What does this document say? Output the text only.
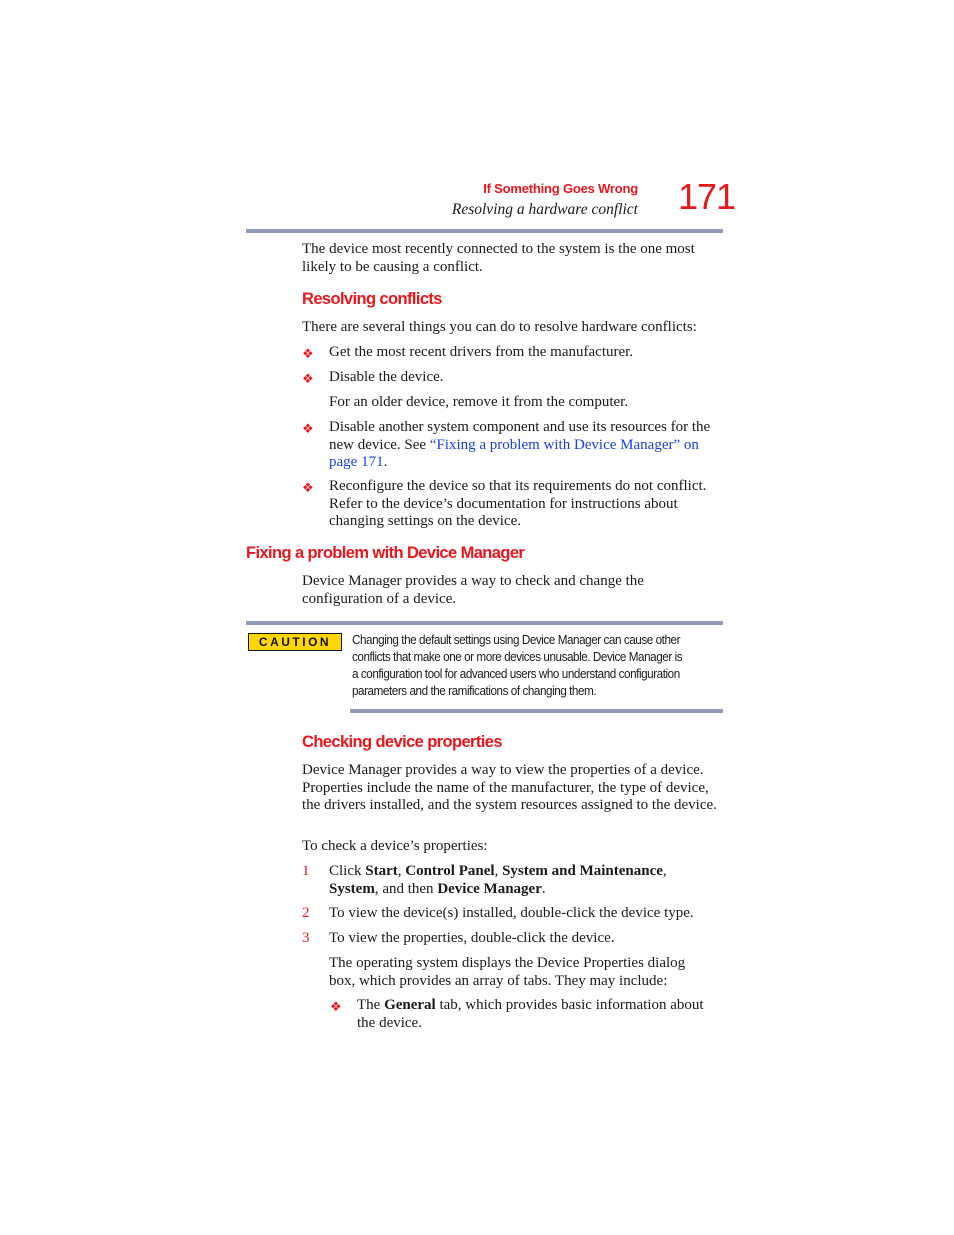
If Something Goes Wrong
Resolving a hardware conflict 171
The device most recently connected to the system is the one most likely to be causing a conflict.
Resolving conflicts
There are several things you can do to resolve hardware conflicts:
❖ Get the most recent drivers from the manufacturer.
❖ Disable the device.
For an older device, remove it from the computer.
❖ Disable another system component and use its resources for the new device. See “Fixing a problem with Device Manager” on page 171.
❖ Reconfigure the device so that its requirements do not conflict. Refer to the device’s documentation for instructions about changing settings on the device.
Fixing a problem with Device Manager
Device Manager provides a way to check and change the configuration of a device.
CAUTION	Changing the default settings using Device Manager can cause other conflicts that make one or more devices unusable. Device Manager is a configuration tool for advanced users who understand configuration parameters and the ramifications of changing them.
Checking device properties
Device Manager provides a way to view the properties of a device. Properties include the name of the manufacturer, the type of device, the drivers installed, and the system resources assigned to the device.
To check a device’s properties:
1 Click Start, Control Panel, System and Maintenance,
System, and then Device Manager.
2 To view the device(s) installed, double-click the device type.
3 To view the properties, double-click the device.
The operating system displays the Device Properties dialog box, which provides an array of tabs. They may include:
❖ The General tab, which provides basic information about the device.
